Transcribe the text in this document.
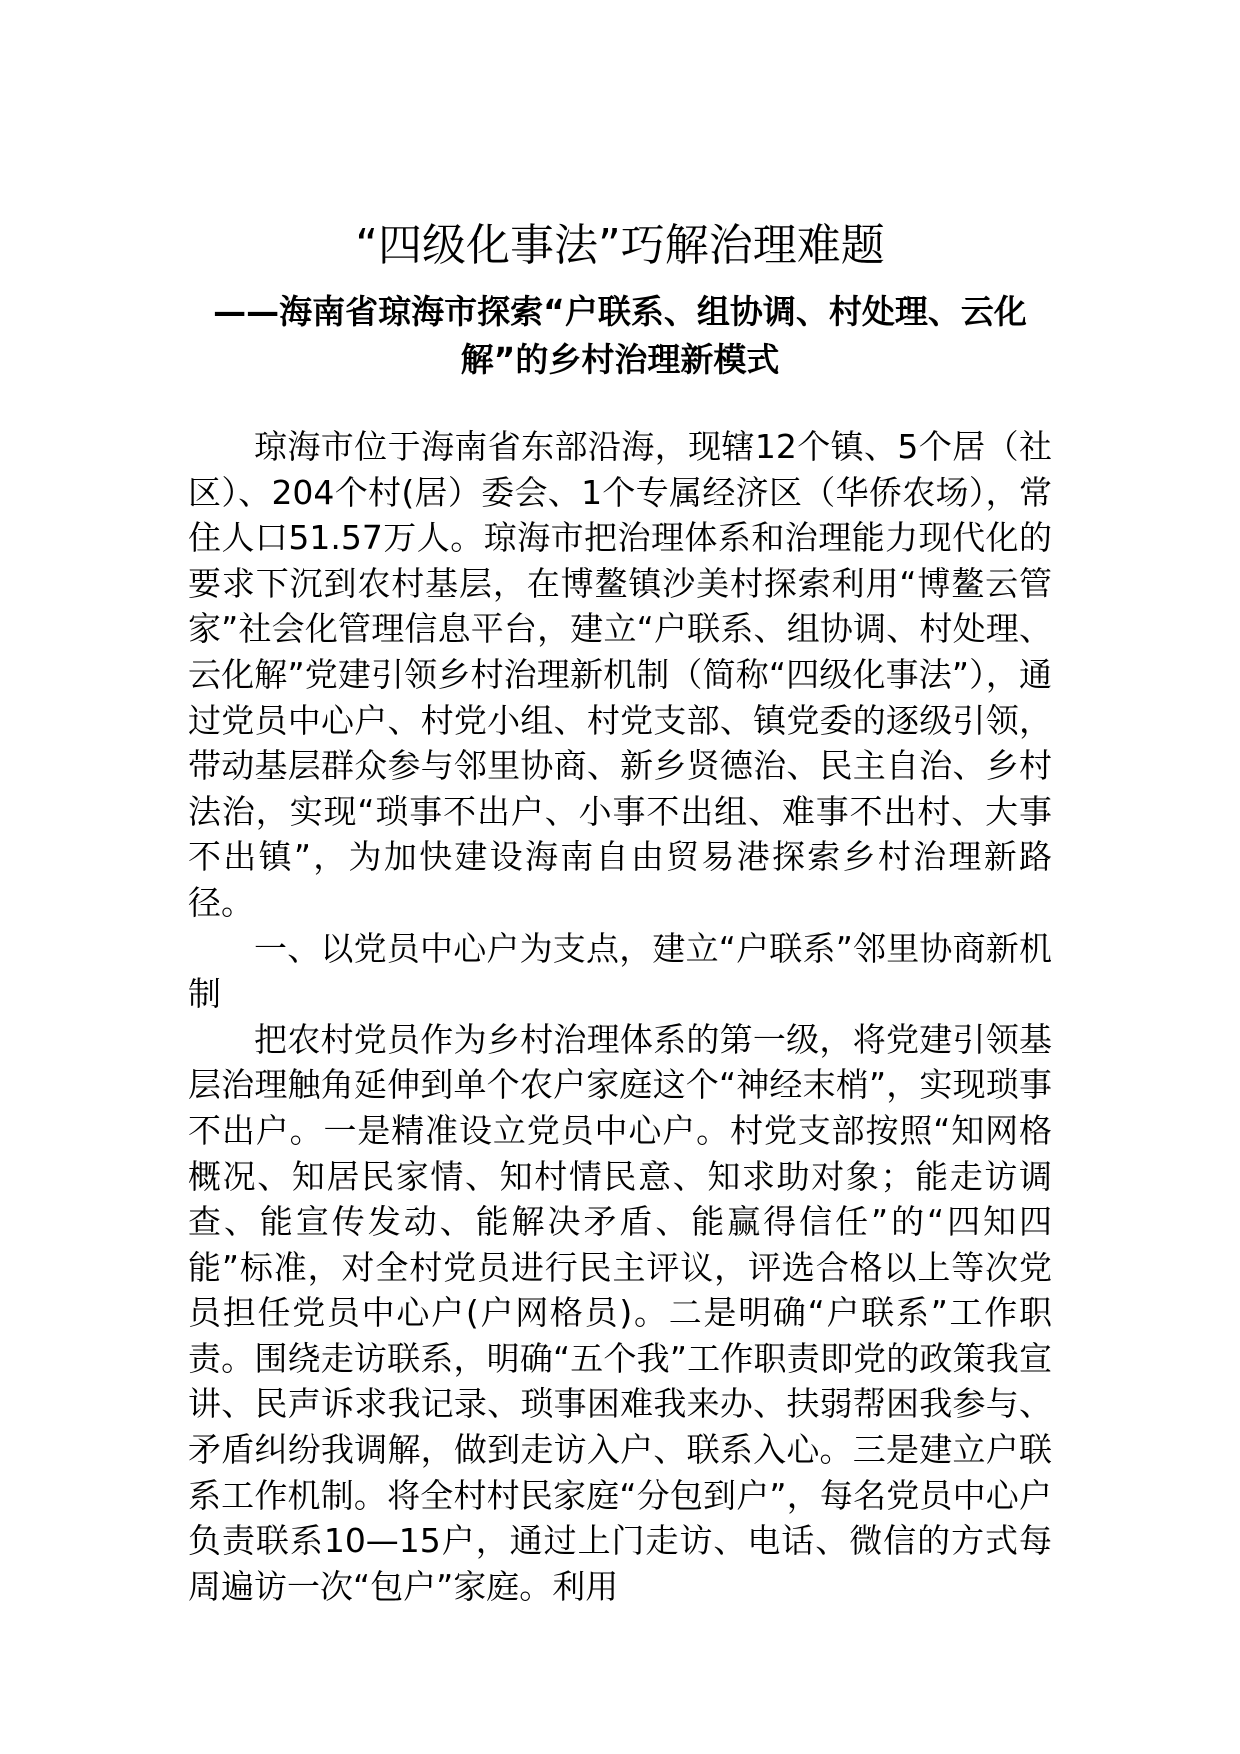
“四级化事法”巧解治理难题
——海南省琼海市探索“户联系、组协调、村处理、云化解”的乡村治理新模式

琼海市位于海南省东部沿海，现辖12个镇、5个居（社区）、204个村(居）委会、1个专属经济区（华侨农场），常住人口51.57万人。琼海市把治理体系和治理能力现代化的要求下沉到农村基层，在博鳌镇沙美村探索利用“博鳌云管家”社会化管理信息平台，建立“户联系、组协调、村处理、云化解”党建引领乡村治理新机制（简称“四级化事法”），通过党员中心户、村党小组、村党支部、镇党委的逐级引领，带动基层群众参与邻里协商、新乡贤德治、民主自治、乡村法治，实现“琐事不出户、小事不出组、难事不出村、大事不出镇”，为加快建设海南自由贸易港探索乡村治理新路径。

一、以党员中心户为支点，建立“户联系”邻里协商新机制

把农村党员作为乡村治理体系的第一级，将党建引领基层治理触角延伸到单个农户家庭这个“神经末梢”，实现琐事不出户。一是精准设立党员中心户。村党支部按照“知网格概况、知居民家情、知村情民意、知求助对象；能走访调查、能宣传发动、能解决矛盾、能赢得信任”的“四知四能”标准，对全村党员进行民主评议，评选合格以上等次党员担任党员中心户(户网格员)。二是明确“户联系”工作职责。围绕走访联系，明确“五个我”工作职责即党的政策我宣讲、民声诉求我记录、琐事困难我来办、扶弱帮困我参与、矛盾纠纷我调解，做到走访入户、联系入心。三是建立户联系工作机制。将全村村民家庭“分包到户”，每名党员中心户负责联系10—15户，通过上门走访、电话、微信的方式每周遍访一次“包户”家庭。利用
